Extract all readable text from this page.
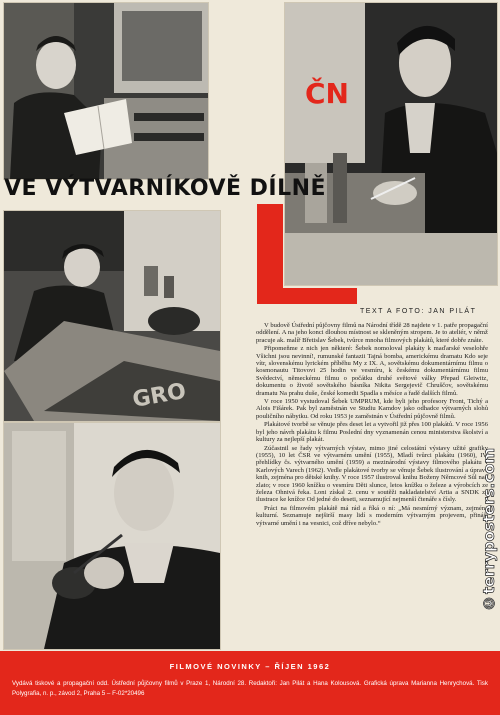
ČN
VE VÝTVARNÍKOVĚ DÍLNĚ
GRO
TEXT A FOTO: JAN PILÁT

V budově Ústřední půjčovny filmů na Národní třídě 28 najdete v 1. patře propagační oddělení. A na jeho konci dlouhou místnost se skleněným stropem. Je to ateliér, v němž pracuje ak. malíř Břetislav Šebek, tvůrce mnoha filmových plakátů, které dobře znáte.

Připomeňme z nich jen některé: Šebek nomoloval plakáty k maďarské veselohře Všichni jsou nevinní!, rumunské fantazii Tajná bomba, americkému dramatu Kdo seje vítr, slovenskému lyrickém příběhu My z IX. A, sovětskému dokumentárnímu filmu o kosmonautu Titovovi 25 hodin ve vesmíru, k českému dokumentárnímu filmu Svědectví, německému filmu o počátku druhé světové války Přepad Gleiwitz, dokumentu o životě sovětského básníka Nikita Sergejevič Chruščov, sovětskému dramatu Na prahu duše, české komedii Spadla s měsíce a řadě dalších filmů.

V roce 1950 vystudoval Šebek UMPRUM, kde byli jeho profesory Front, Tichý a Alois Fišárek. Pak byl zaměstnán ve Studiu Kamdov jako odhadce výtvarných slohů pouličního nábytku. Od roku 1953 je zaměstnán v Ústřední půjčovně filmů.

Plakátové tvorbě se věnuje přes deset let a vytvořil již přes 100 plakátů. V roce 1956 byl jeho návrh plakátu k filmu Poslední dny vyznamenán cenou ministerstva školství a kultury za nejlepší plakát.

Zúčastnil se řady výtvarných výstav, mimo jiné celostátní výstavy užité grafiky (1955), 10 let ČSR ve výtvarném umění (1955), Mladí tvůrci plakátu (1960), IV. přehlídky čs. výtvarného umění (1959) a mezinárodní výstavy filmového plakátu v Karlových Varech (1962). Vedle plakátové tvorby se věnuje Šebek ilustrování a úpravě knih, zejména pro dětské knihy. V roce 1957 ilustroval knihu Boženy Němcové Sůl nad zlato; v roce 1960 knížku o vesmíru Děti slunce, letos knížku o železe a výrobcích ze železa Ohnivá řeka. Loni získal 2. cenu v soutěži nakladatelství Artia a SNDK za ilustrace ke knížce Od jedné do deseti, seznamující nejmenší čtenáře s čísly.

Práci na filmovém plakátě má rád a říká o ní: „Má nesmírný význam, zejména kulturní. Seznamuje nejširší masy lidí s moderním výtvarným projevem, přináší výtvarné umění i na vesnici, což dříve nebylo.“	©terryposters.com
FILMOVÉ NOVINKY – ŘÍJEN 1962
Vydává tiskové a propagační odd. Ústřední půjčovny filmů v Praze 1, Národní 28. Redaktoři: Jan Pilát a Hana Kolousová. Grafická úprava Marianna Henrychová. Tisk Polygrafia, n. p., závod 2, Praha 5 – F-02*20496
